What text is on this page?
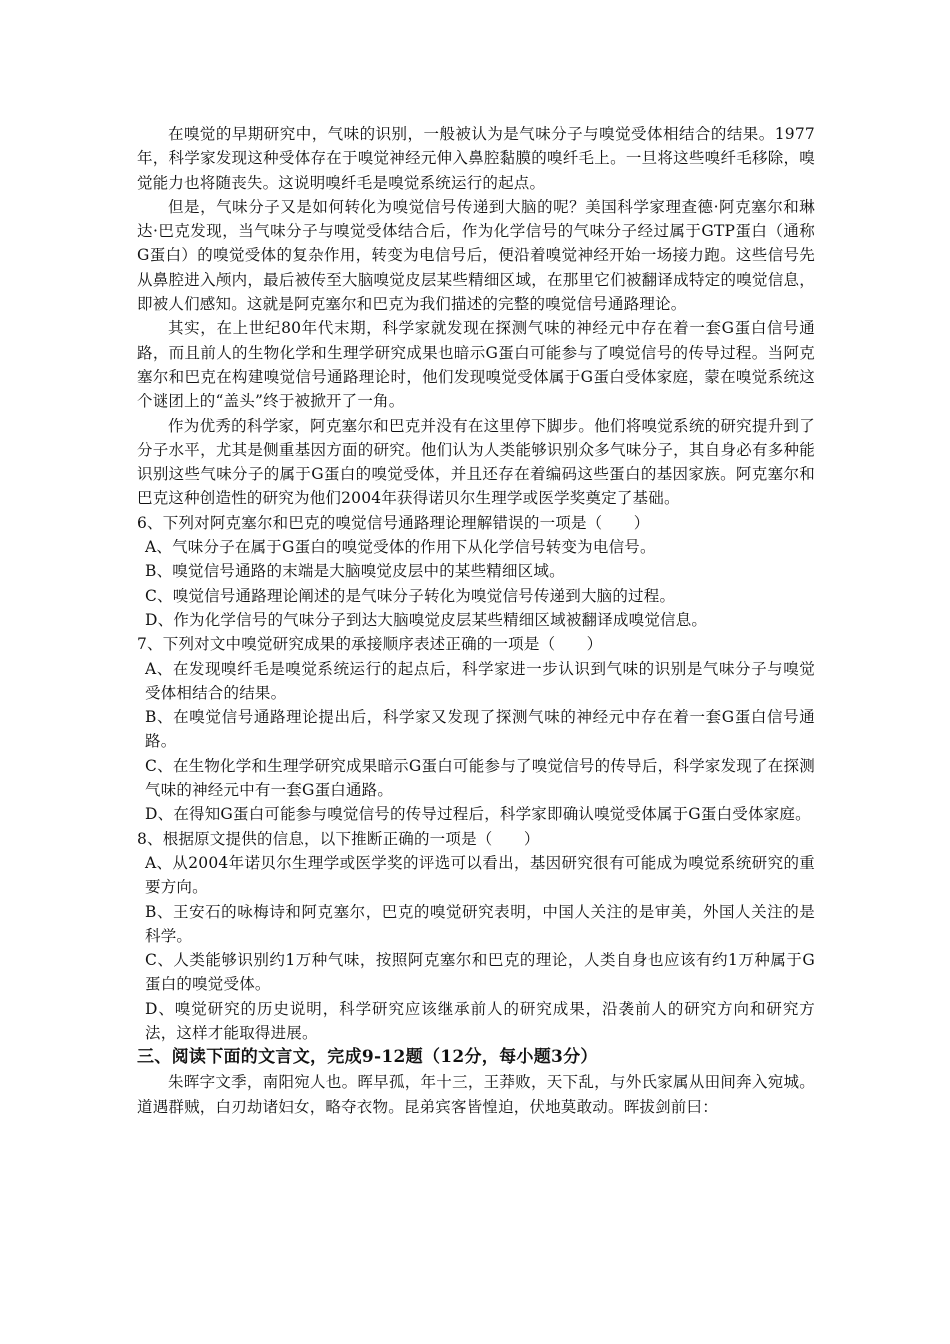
在嗅觉的早期研究中，气味的识别，一般被认为是气味分子与嗅觉受体相结合的结果。1977年，科学家发现这种受体存在于嗅觉神经元伸入鼻腔黏膜的嗅纤毛上。一旦将这些嗅纤毛移除，嗅觉能力也将随丧失。这说明嗅纤毛是嗅觉系统运行的起点。

但是，气味分子又是如何转化为嗅觉信号传递到大脑的呢？美国科学家理查德·阿克塞尔和琳达·巴克发现，当气味分子与嗅觉受体结合后，作为化学信号的气味分子经过属于GTP蛋白（通称G蛋白）的嗅觉受体的复杂作用，转变为电信号后，便沿着嗅觉神经开始一场接力跑。这些信号先从鼻腔进入颅内，最后被传至大脑嗅觉皮层某些精细区域，在那里它们被翻译成特定的嗅觉信息，即被人们感知。这就是阿克塞尔和巴克为我们描述的完整的嗅觉信号通路理论。

其实，在上世纪80年代末期，科学家就发现在探测气味的神经元中存在着一套G蛋白信号通路，而且前人的生物化学和生理学研究成果也暗示G蛋白可能参与了嗅觉信号的传导过程。当阿克塞尔和巴克在构建嗅觉信号通路理论时，他们发现嗅觉受体属于G蛋白受体家庭，蒙在嗅觉系统这个谜团上的“盖头”终于被掀开了一角。

作为优秀的科学家，阿克塞尔和巴克并没有在这里停下脚步。他们将嗅觉系统的研究提升到了分子水平，尤其是侧重基因方面的研究。他们认为人类能够识别众多气味分子，其自身必有多种能识别这些气味分子的属于G蛋白的嗅觉受体，并且还存在着编码这些蛋白的基因家族。阿克塞尔和巴克这种创造性的研究为他们2004年获得诺贝尔生理学或医学奖奠定了基础。

6、下列对阿克塞尔和巴克的嗅觉信号通路理论理解错误的一项是（　　）

A、气味分子在属于G蛋白的嗅觉受体的作用下从化学信号转变为电信号。

B、嗅觉信号通路的末端是大脑嗅觉皮层中的某些精细区域。

C、嗅觉信号通路理论阐述的是气味分子转化为嗅觉信号传递到大脑的过程。

D、作为化学信号的气味分子到达大脑嗅觉皮层某些精细区域被翻译成嗅觉信息。

7、下列对文中嗅觉研究成果的承接顺序表述正确的一项是（　　）

A、在发现嗅纤毛是嗅觉系统运行的起点后，科学家进一步认识到气味的识别是气味分子与嗅觉受体相结合的结果。

B、在嗅觉信号通路理论提出后，科学家又发现了探测气味的神经元中存在着一套G蛋白信号通路。

C、在生物化学和生理学研究成果暗示G蛋白可能参与了嗅觉信号的传导后，科学家发现了在探测气味的神经元中有一套G蛋白通路。

D、在得知G蛋白可能参与嗅觉信号的传导过程后，科学家即确认嗅觉受体属于G蛋白受体家庭。

8、根据原文提供的信息，以下推断正确的一项是（　　）

A、从2004年诺贝尔生理学或医学奖的评选可以看出，基因研究很有可能成为嗅觉系统研究的重要方向。

B、王安石的咏梅诗和阿克塞尔，巴克的嗅觉研究表明，中国人关注的是审美，外国人关注的是科学。

C、人类能够识别约1万种气味，按照阿克塞尔和巴克的理论，人类自身也应该有约1万种属于G蛋白的嗅觉受体。

D、嗅觉研究的历史说明，科学研究应该继承前人的研究成果，沿袭前人的研究方向和研究方法，这样才能取得进展。

三、阅读下面的文言文，完成9-12题（12分，每小题3分）

朱晖字文季，南阳宛人也。晖早孤，年十三，王莽败，天下乱，与外氏家属从田间奔入宛城。道遇群贼，白刃劫诸妇女，略夺衣物。昆弟宾客皆惶迫，伏地莫敢动。晖拔剑前曰：
